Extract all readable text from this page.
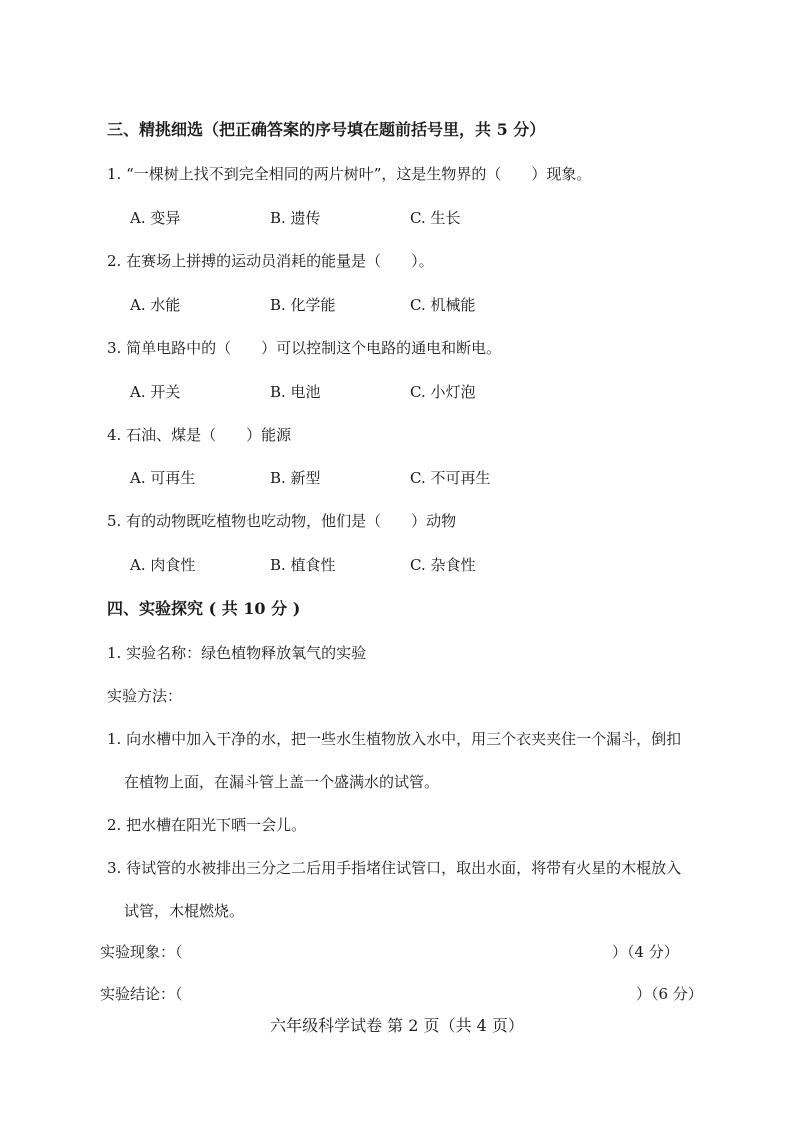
三、精挑细选（把正确答案的序号填在题前括号里，共 5 分）
1. “一棵树上找不到完全相同的两片树叶”，这是生物界的（　　）现象。
A. 变异	B. 遗传	C. 生长
2. 在赛场上拼搏的运动员消耗的能量是（　　）。
A. 水能	B. 化学能	C. 机械能
3. 简单电路中的（　　）可以控制这个电路的通电和断电。
A. 开关	B. 电池	C. 小灯泡
4. 石油、煤是（　　）能源
A. 可再生	B. 新型	C. 不可再生
5. 有的动物既吃植物也吃动物，他们是（　　）动物
A. 肉食性	B. 植食性	C. 杂食性
四、实验探究 ( 共 10 分 )
1. 实验名称：绿色植物释放氧气的实验
实验方法：
1. 向水槽中加入干净的水，把一些水生植物放入水中，用三个衣夹夹住一个漏斗，倒扣
在植物上面，在漏斗管上盖一个盛满水的试管。
2. 把水槽在阳光下晒一会儿。
3. 待试管的水被排出三分之二后用手指堵住试管口，取出水面，将带有火星的木棍放入
试管，木棍燃烧。
实验现象：（	）（4 分）
实验结论：（	）（6 分）
六年级科学试卷 第 2 页（共 4 页）
